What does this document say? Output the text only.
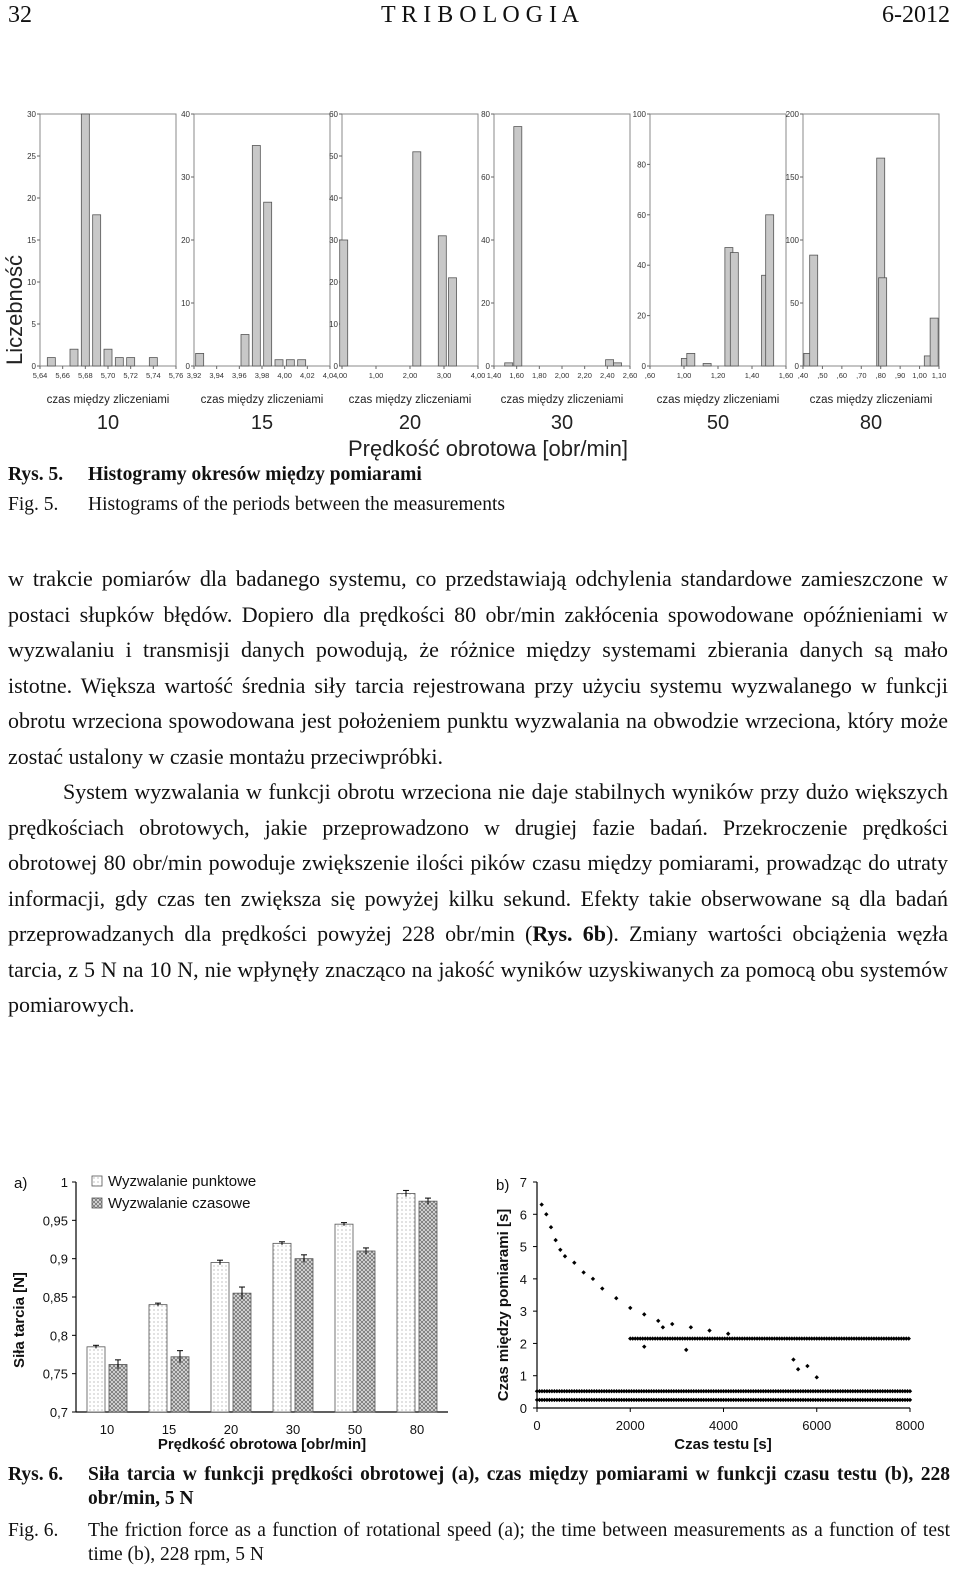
32	T R I B O L O G I A	6-2012
Liczebność
0
5
10
15
20
25
30
5,64 5,66 5,68 5,70 5,72 5,74 5,76
czas między zliczeniami
10
0
10
20
30
40
3,92 3,94 3,96 3,98 4,00 4,02 4,04
czas między zliczeniami
15
0
10
20
30
40
50
60
,00	1,00	2,00	3,00	4,00
czas między zliczeniami
20
0
20
40
60
80
1,40 1,60 1,80 2,00 2,20 2,40 2,60
czas między zliczeniami
30
0
20
40
60
80
100
,60	1,00	1,20	1,40	1,60
czas między zliczeniami
50
0
50
100
150
200
,40 ,50 ,60 ,70 ,80 ,90 1,00 1,10
czas między zliczeniami
80
Prędkość obrotowa [obr/min]
Rys. 5. Histogramy okresów między pomiarami
Fig. 5. Histograms of the periods between the measurements

w trakcie pomiarów dla badanego systemu, co przedstawiają odchylenia standardowe zamieszczone w postaci słupków błędów. Dopiero dla prędkości 80 obr/min zakłócenia spowodowane opóźnieniami w wyzwalaniu i transmisji danych powodują, że różnice między systemami zbierania danych są mało istotne. Większa wartość średnia siły tarcia rejestrowana przy użyciu systemu wyzwalanego w funkcji obrotu wrzeciona spowodowana jest położeniem punktu wyzwalania na obwodzie wrzeciona, który może zostać ustalony w czasie montażu przeciwpróbki.

System wyzwalania w funkcji obrotu wrzeciona nie daje stabilnych wyników przy dużo większych prędkościach obrotowych, jakie przeprowadzono w drugiej fazie badań. Przekroczenie prędkości obrotowej 80 obr/min powoduje zwiększenie ilości pików czasu między pomiarami, prowadząc do utraty informacji, gdy czas ten zwiększa się powyżej kilku sekund. Efekty takie obserwowane są dla badań przeprowadzanych dla prędkości powyżej 228 obr/min (Rys. 6b). Zmiany wartości obciążenia węzła tarcia, z 5 N na 10 N, nie wpłynęły znacząco na jakość wyników uzyskiwanych za pomocą obu systemów pomiarowych.

a)
Siła tarcia [N]
Prędkość obrotowa [obr/min]
0,7
0,75
0,8
0,85
0,9
0,95
1
10	15	20	30	50	80
Wyzwalanie punktowe
Wyzwalanie czasowe
b)
Czas między pomiarami [s]
Czas testu [s]
0
1
2
3
4
5
6
7
0	2000	4000	6000	8000
Rys. 6. Siła tarcia w funkcji prędkości obrotowej (a), czas między pomiarami w funkcji czasu testu (b), 228 obr/min, 5 N
Fig. 6. The friction force as a function of rotational speed (a); the time between measurements as a function of test time (b), 228 rpm, 5 N
